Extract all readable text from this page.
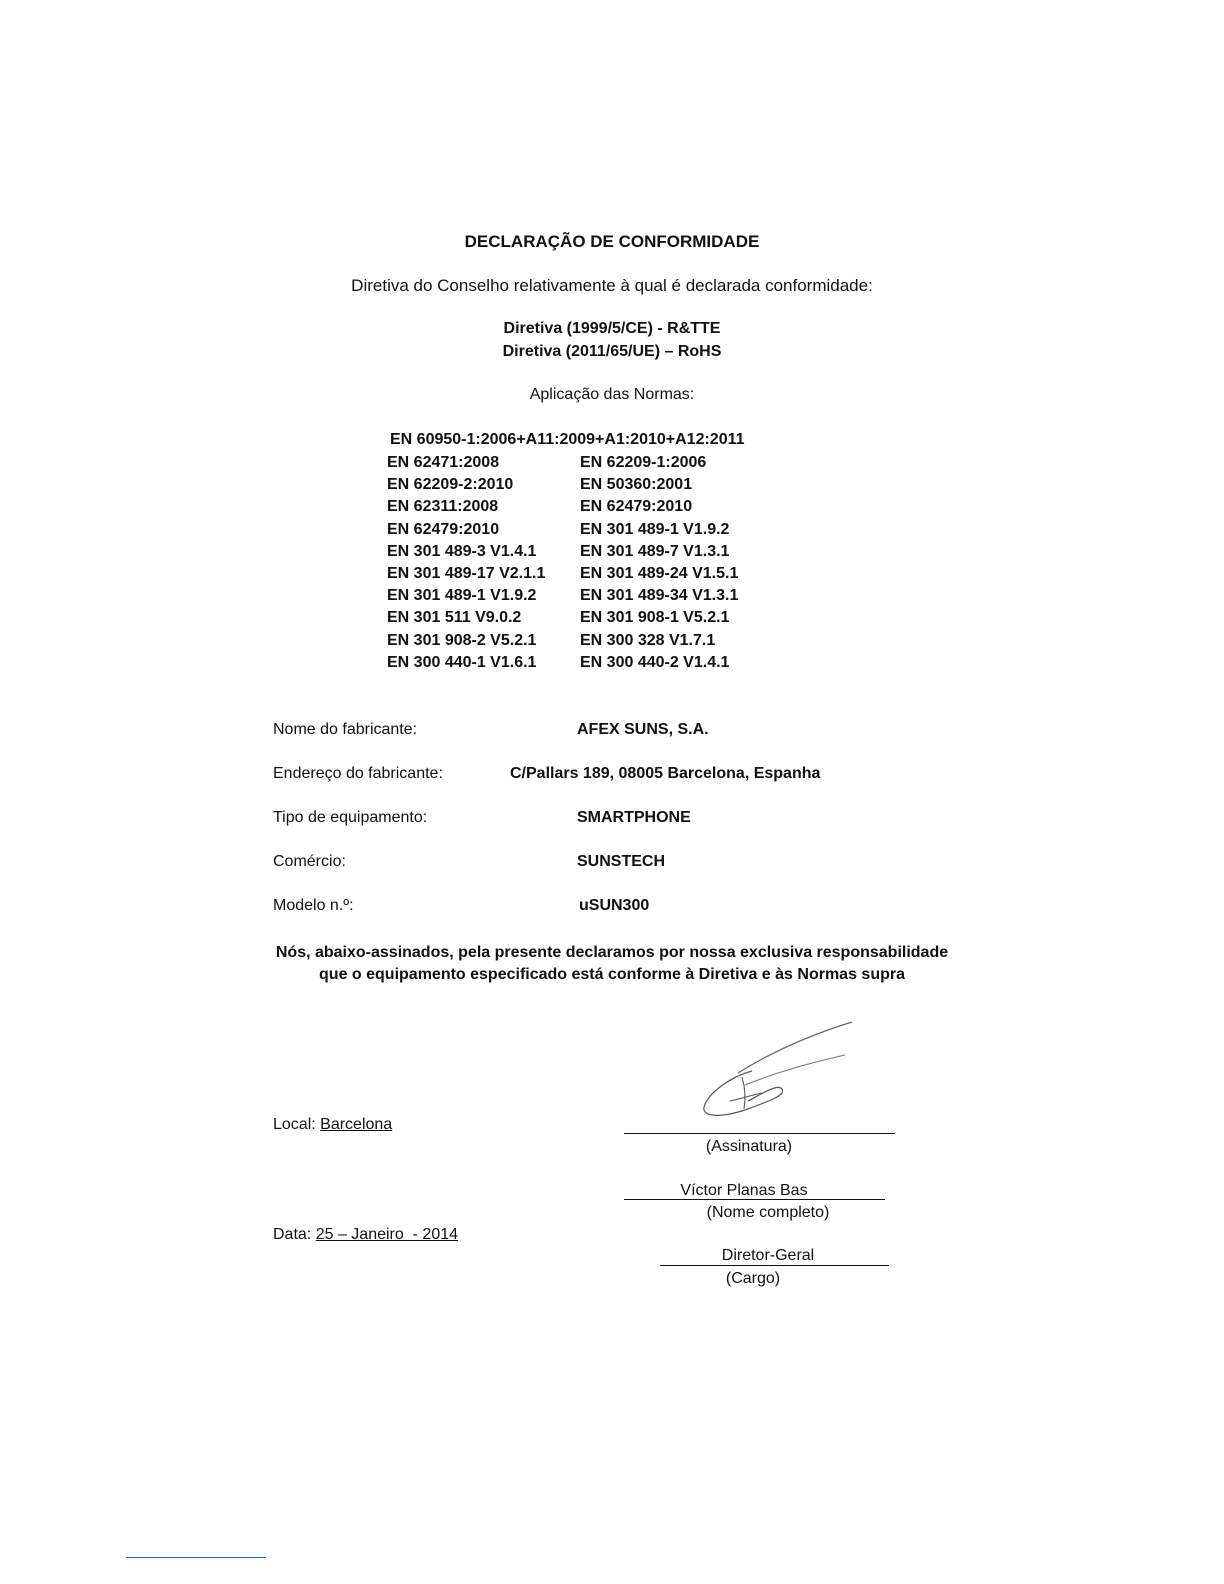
DECLARAÇÃO DE CONFORMIDADE
Diretiva do Conselho relativamente à qual é declarada conformidade:
Diretiva (1999/5/CE) - R&TTE
Diretiva (2011/65/UE) – RoHS
Aplicação das Normas:
EN 60950-1:2006+A11:2009+A1:2010+A12:2011
EN 62471:2008	EN 62209-1:2006
EN 62209-2:2010	EN 50360:2001
EN 62311:2008	EN 62479:2010
EN 62479:2010	EN 301 489-1 V1.9.2
EN 301 489-3 V1.4.1	EN 301 489-7 V1.3.1
EN 301 489-17 V2.1.1	EN 301 489-24 V1.5.1
EN 301 489-1 V1.9.2	EN 301 489-34 V1.3.1
EN 301 511 V9.0.2	EN 301 908-1 V5.2.1
EN 301 908-2 V5.2.1	EN 300 328 V1.7.1
EN 300 440-1 V1.6.1	EN 300 440-2 V1.4.1
Nome do fabricante:	AFEX SUNS, S.A.
Endereço do fabricante:	C/Pallars 189, 08005 Barcelona, Espanha
Tipo de equipamento:	SMARTPHONE
Comércio:	SUNSTECH
Modelo n.º:	uSUN300
Nós, abaixo-assinados, pela presente declaramos por nossa exclusiva responsabilidade
que o equipamento especificado está conforme à Diretiva e às Normas supra
Local: Barcelona
(Assinatura)
Víctor Planas Bas
(Nome completo)
Data: 25 – Janeiro  - 2014
Diretor-Geral
(Cargo)
